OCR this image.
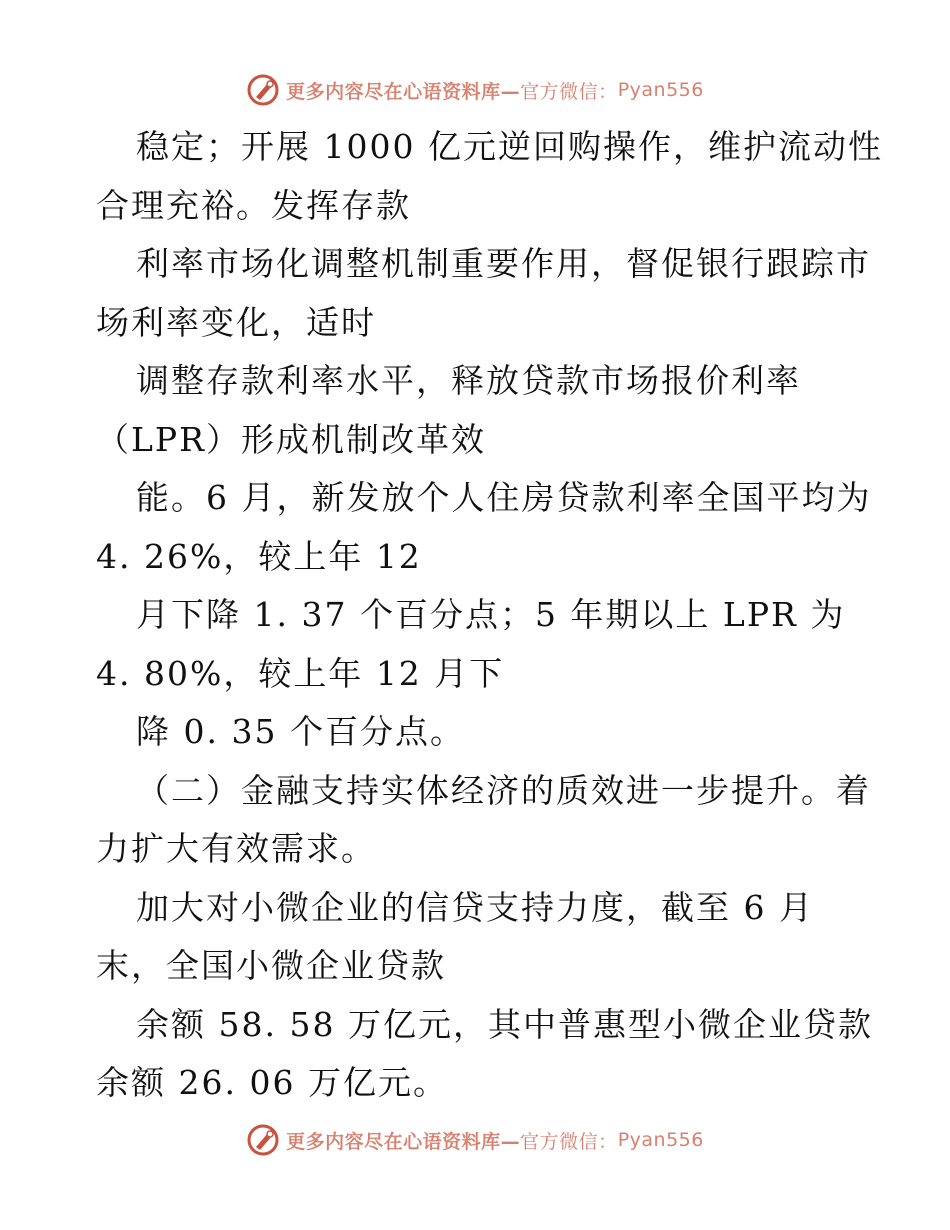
更多内容尽在心语资料库— 官方微信： Pyan556
稳定；开展 1000 亿元逆回购操作，维护流动性
合理充裕。发挥存款
利率市场化调整机制重要作用，督促银行跟踪市
场利率变化，适时
调整存款利率水平，释放贷款市场报价利率
（LPR）形成机制改革效
能。6 月，新发放个人住房贷款利率全国平均为
4. 26%，较上年 12
月下降 1. 37 个百分点；5 年期以上 LPR 为
4. 80%，较上年 12 月下
降 0. 35 个百分点。
（二）金融支持实体经济的质效进一步提升。着
力扩大有效需求。
加大对小微企业的信贷支持力度，截至 6 月
末，全国小微企业贷款
余额 58. 58 万亿元，其中普惠型小微企业贷款
余额 26. 06 万亿元。
更多内容尽在心语资料库— 官方微信： Pyan556
